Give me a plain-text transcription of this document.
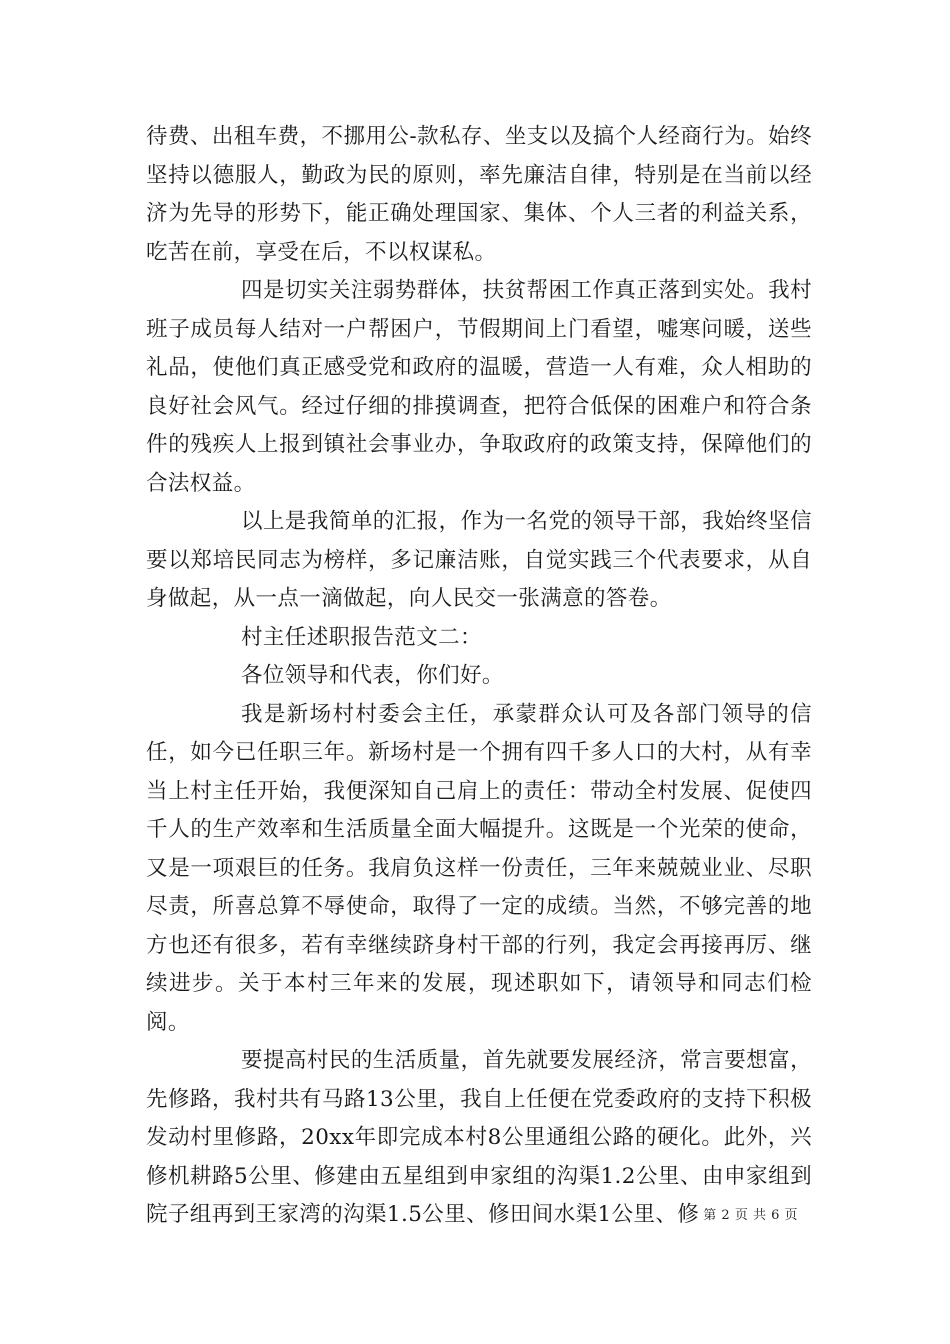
待费、出租车费，不挪用公-款私存、坐支以及搞个人经商行为。始终坚持以德服人，勤政为民的原则，率先廉洁自律，特别是在当前以经济为先导的形势下，能正确处理国家、集体、个人三者的利益关系，吃苦在前，享受在后，不以权谋私。

四是切实关注弱势群体，扶贫帮困工作真正落到实处。我村班子成员每人结对一户帮困户，节假期间上门看望，嘘寒问暖，送些礼品，使他们真正感受党和政府的温暖，营造一人有难，众人相助的良好社会风气。经过仔细的排摸调查，把符合低保的困难户和符合条件的残疾人上报到镇社会事业办，争取政府的政策支持，保障他们的合法权益。

以上是我简单的汇报，作为一名党的领导干部，我始终坚信要以郑培民同志为榜样，多记廉洁账，自觉实践三个代表要求，从自身做起，从一点一滴做起，向人民交一张满意的答卷。

村主任述职报告范文二：

各位领导和代表，你们好。

我是新场村村委会主任，承蒙群众认可及各部门领导的信任，如今已任职三年。新场村是一个拥有四千多人口的大村，从有幸当上村主任开始，我便深知自己肩上的责任：带动全村发展、促使四千人的生产效率和生活质量全面大幅提升。这既是一个光荣的使命，又是一项艰巨的任务。我肩负这样一份责任，三年来兢兢业业、尽职尽责，所喜总算不辱使命，取得了一定的成绩。当然，不够完善的地方也还有很多，若有幸继续跻身村干部的行列，我定会再接再厉、继续进步。关于本村三年来的发展，现述职如下，请领导和同志们检阅。

要提高村民的生活质量，首先就要发展经济，常言要想富，先修路，我村共有马路13公里，我自上任便在党委政府的支持下积极发动村里修路，20xx年即完成本村8公里通组公路的硬化。此外，兴修机耕路5公里、修建由五星组到申家组的沟渠1.2公里、由申家组到院子组再到王家湾的沟渠1.5公里、修田间水渠1公里、修 第 2 页 共 6 页
